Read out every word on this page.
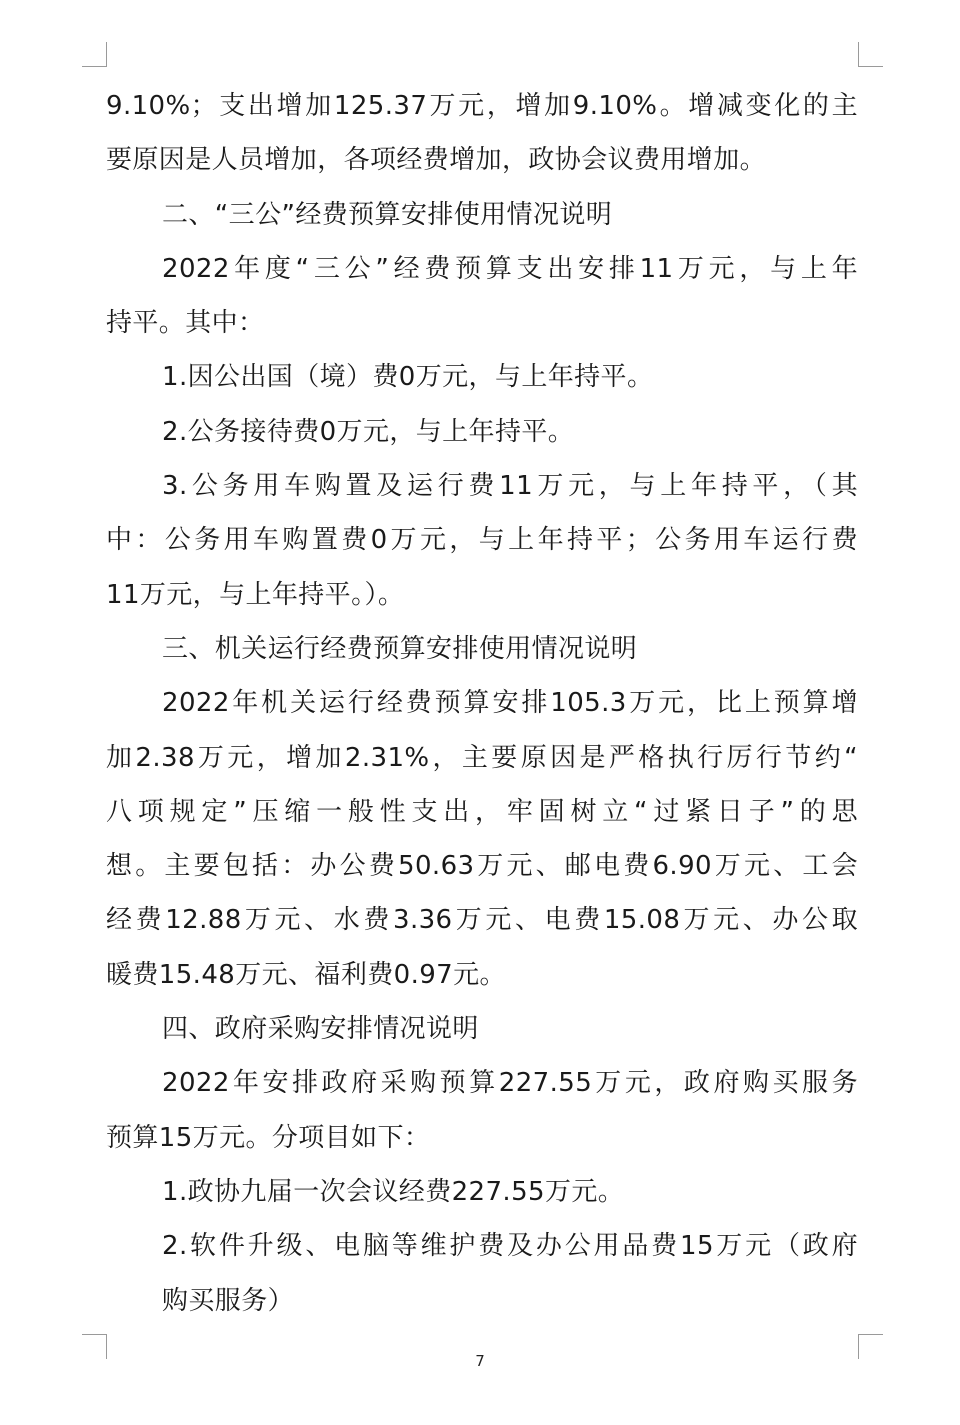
9.10%；支出增加125.37万元，增加9.10%。增减变化的主
要原因是人员增加，各项经费增加，政协会议费用增加。
二、“三公”经费预算安排使用情况说明
2022年度“三公”经费预算支出安排11万元，与上年
持平。其中：
1.因公出国（境）费0万元，与上年持平。
2.公务接待费0万元，与上年持平。
3.公务用车购置及运行费11万元，与上年持平，（其
中：公务用车购置费0万元，与上年持平；公务用车运行费
11万元，与上年持平。）。
三、机关运行经费预算安排使用情况说明
2022年机关运行经费预算安排105.3万元，比上预算增
加2.38万元，增加2.31%，主要原因是严格执行厉行节约“
八项规定”压缩一般性支出，牢固树立“过紧日子”的思
想。主要包括：办公费50.63万元、邮电费6.90万元、工会
经费12.88万元、水费3.36万元、电费15.08万元、办公取
暖费15.48万元、福利费0.97元。
四、政府采购安排情况说明
2022年安排政府采购预算227.55万元，政府购买服务
预算15万元。分项目如下：
1.政协九届一次会议经费227.55万元。
2.软件升级、电脑等维护费及办公用品费15万元（政府
购买服务）
7
